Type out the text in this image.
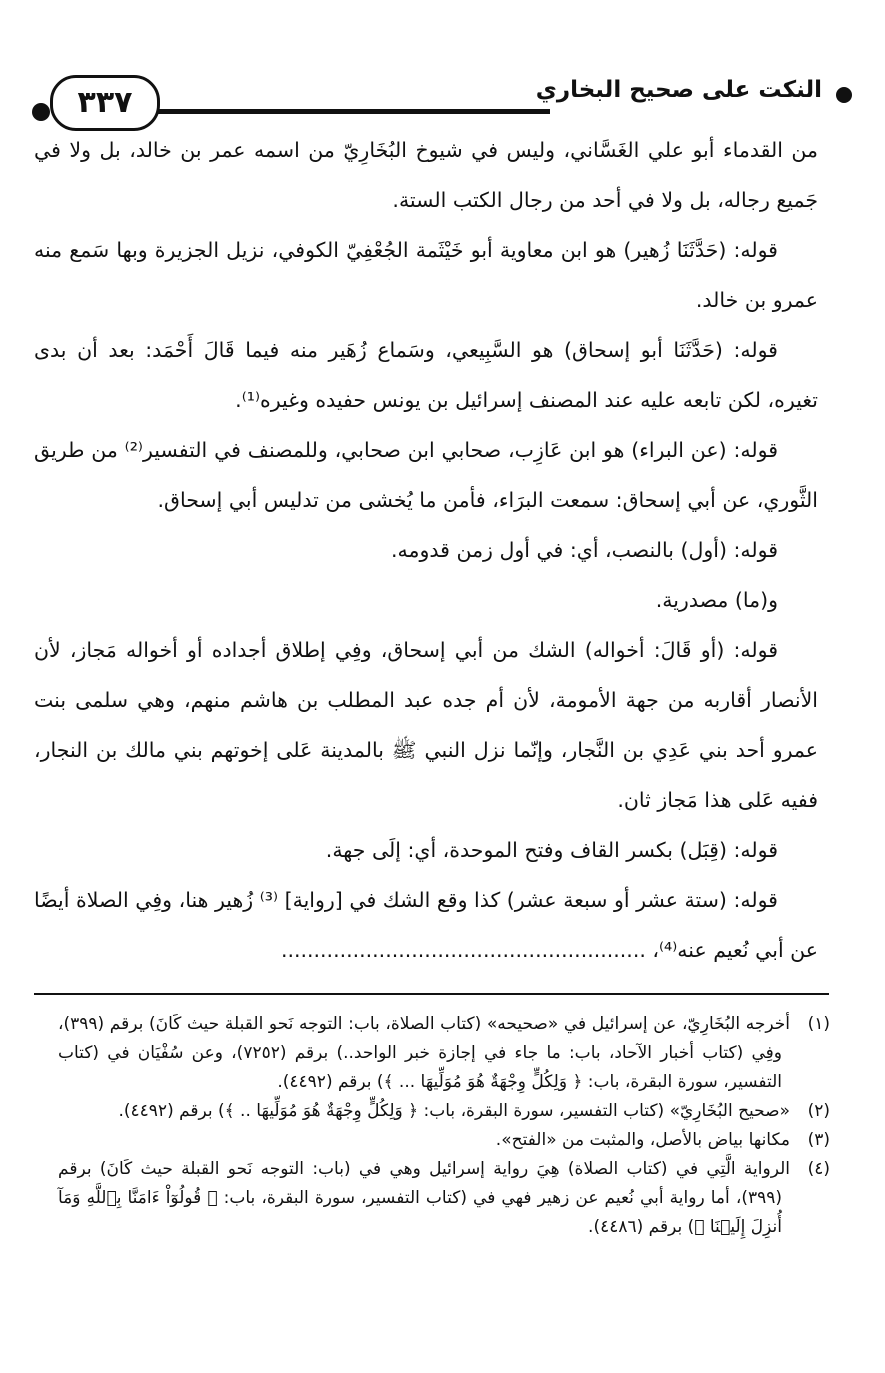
٣٣٧	النكت على صحيح البخاري

من القدماء أبو علي الغَسَّاني، وليس في شيوخ البُخَارِيّ من اسمه عمر بن خالد، بل ولا في جَميع رجاله، بل ولا في أحد من رجال الكتب الستة.

قوله: (حَدَّثَنَا زُهير) هو ابن معاوية أبو خَيْثَمة الجُعْفِيّ الكوفي، نزيل الجزيرة وبها سَمع منه عمرو بن خالد.

قوله: (حَدَّثَنَا أبو إسحاق) هو السَّبِيعي، وسَماع زُهَير منه فيما قَالَ أَحْمَد: بعد أن بدى تغيره، لكن تابعه عليه عند المصنف إسرائيل بن يونس حفيده وغيره⁽¹⁾.

قوله: (عن البراء) هو ابن عَازِب، صحابي ابن صحابي، وللمصنف في التفسير⁽²⁾ من طريق الثَّوري، عن أبي إسحاق: سمعت البرَاء، فأمن ما يُخشى من تدليس أبي إسحاق.

قوله: (أول) بالنصب، أي: في أول زمن قدومه.

و(ما) مصدرية.

قوله: (أو قَالَ: أخواله) الشك من أبي إسحاق، وفِي إطلاق أجداده أو أخواله مَجاز، لأن الأنصار أقاربه من جهة الأمومة، لأن أم جده عبد المطلب بن هاشم منهم، وهي سلمى بنت عمرو أحد بني عَدِي بن النَّجار، وإنّما نزل النبي ﷺ بالمدينة عَلى إخوتهم بني مالك بن النجار، ففيه عَلى هذا مَجاز ثان.

قوله: (قِبَل) بكسر القاف وفتح الموحدة، أي: إلَى جهة.

قوله: (ستة عشر أو سبعة عشر) كذا وقع الشك في [رواية] ⁽³⁾ زُهير هنا، وفِي الصلاة أيضًا عن أبي نُعيم عنه⁽⁴⁾، ........................................................

(١)أخرجه البُخَارِيّ، عن إسرائيل في «صحيحه» (كتاب الصلاة، باب: التوجه نَحو القبلة حيث كَانَ) برقم (٣٩٩)، وفِي (كتاب أخبار الآحاد، باب: ما جاء في إجازة خبر الواحد..) برقم (٧٢٥٢)، وعن سُفْيَان في (كتاب التفسير، سورة البقرة، باب: ﴿ وَلِكُلٍّ وِجْهَةٌ هُوَ مُوَلِّيهَا ... ﴾) برقم (٤٤٩٢).

(٢)«صحيح البُخَارِيّ» (كتاب التفسير، سورة البقرة، باب: ﴿ وَلِكُلٍّ وِجْهَةٌ هُوَ مُوَلِّيهَا .. ﴾) برقم (٤٤٩٢).

(٣)مكانها بياض بالأصل، والمثبت من «الفتح».

(٤)الرواية الَّتِي في (كتاب الصلاة) هِيَ رواية إسرائيل وهي في (باب: التوجه نَحو القبلة حيث كَانَ) برقم (٣٩٩)، أما رواية أبي نُعيم عن زهير فهي في (كتاب التفسير، سورة البقرة، باب: ﴿ قُولُوٓاْ ءَامَنَّا بِٱللَّهِ وَمَآ أُنزِلَ إِلَيۡنَا ﴾) برقم (٤٤٨٦).
